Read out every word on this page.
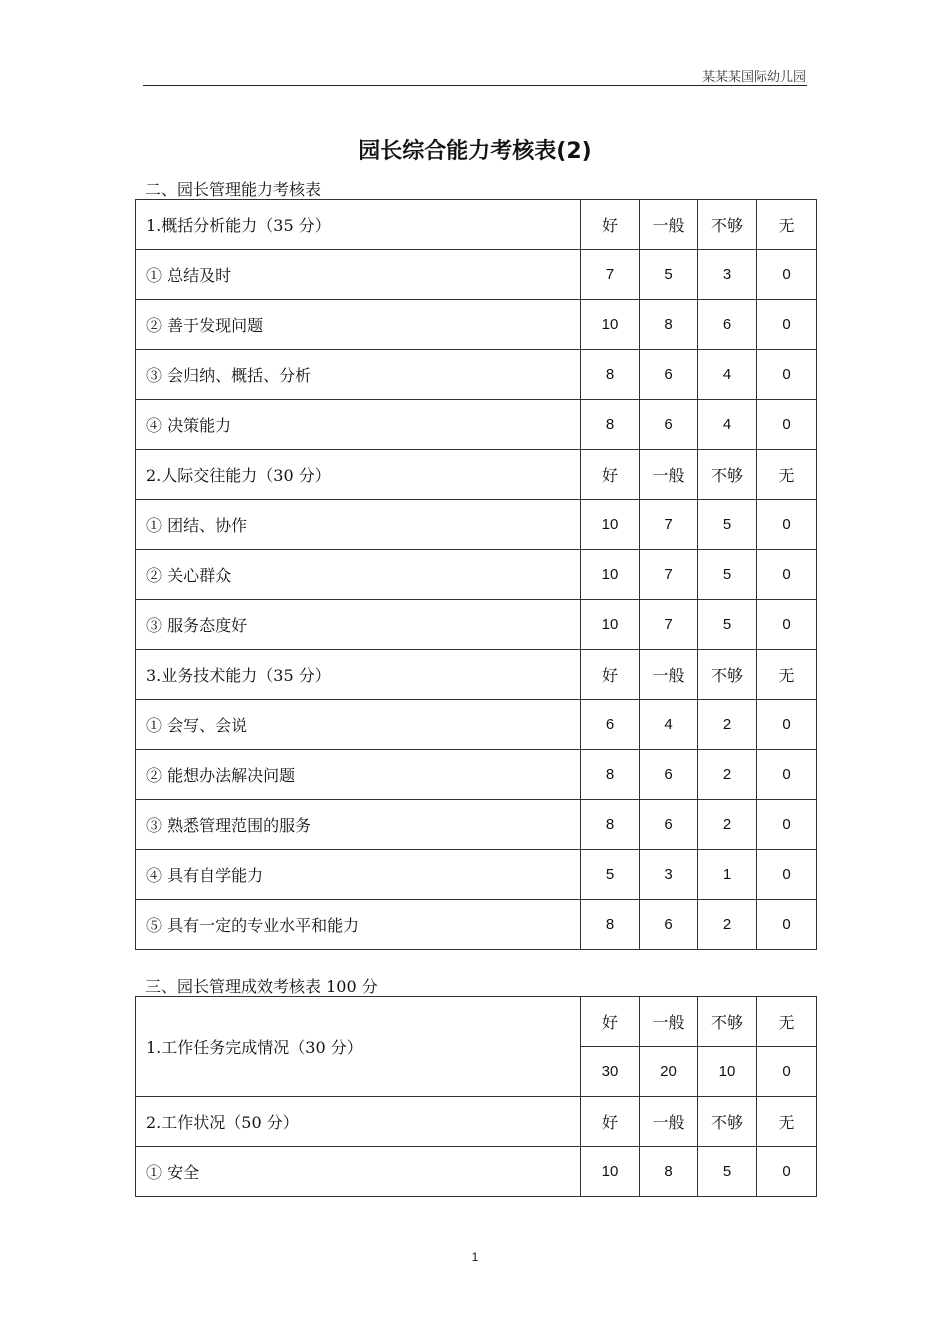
某某某国际幼儿园
园长综合能力考核表(2)
二、园长管理能力考核表
1.概括分析能力（35 分）	好	一般	不够	无
① 总结及时	7	5	3	0
② 善于发现问题	10	8	6	0
③ 会归纳、概括、分析	8	6	4	0
④ 决策能力	8	6	4	0
2.人际交往能力（30 分）	好	一般	不够	无
① 团结、协作	10	7	5	0
② 关心群众	10	7	5	0
③ 服务态度好	10	7	5	0
3.业务技术能力（35 分）	好	一般	不够	无
① 会写、会说	6	4	2	0
② 能想办法解决问题	8	6	2	0
③ 熟悉管理范围的服务	8	6	2	0
④ 具有自学能力	5	3	1	0
⑤ 具有一定的专业水平和能力	8	6	2	0
三、园长管理成效考核表 100 分
1.工作任务完成情况（30 分）	好	一般	不够	无
	30	20	10	0
2.工作状况（50 分）	好	一般	不够	无
① 安全	10	8	5	0
1
